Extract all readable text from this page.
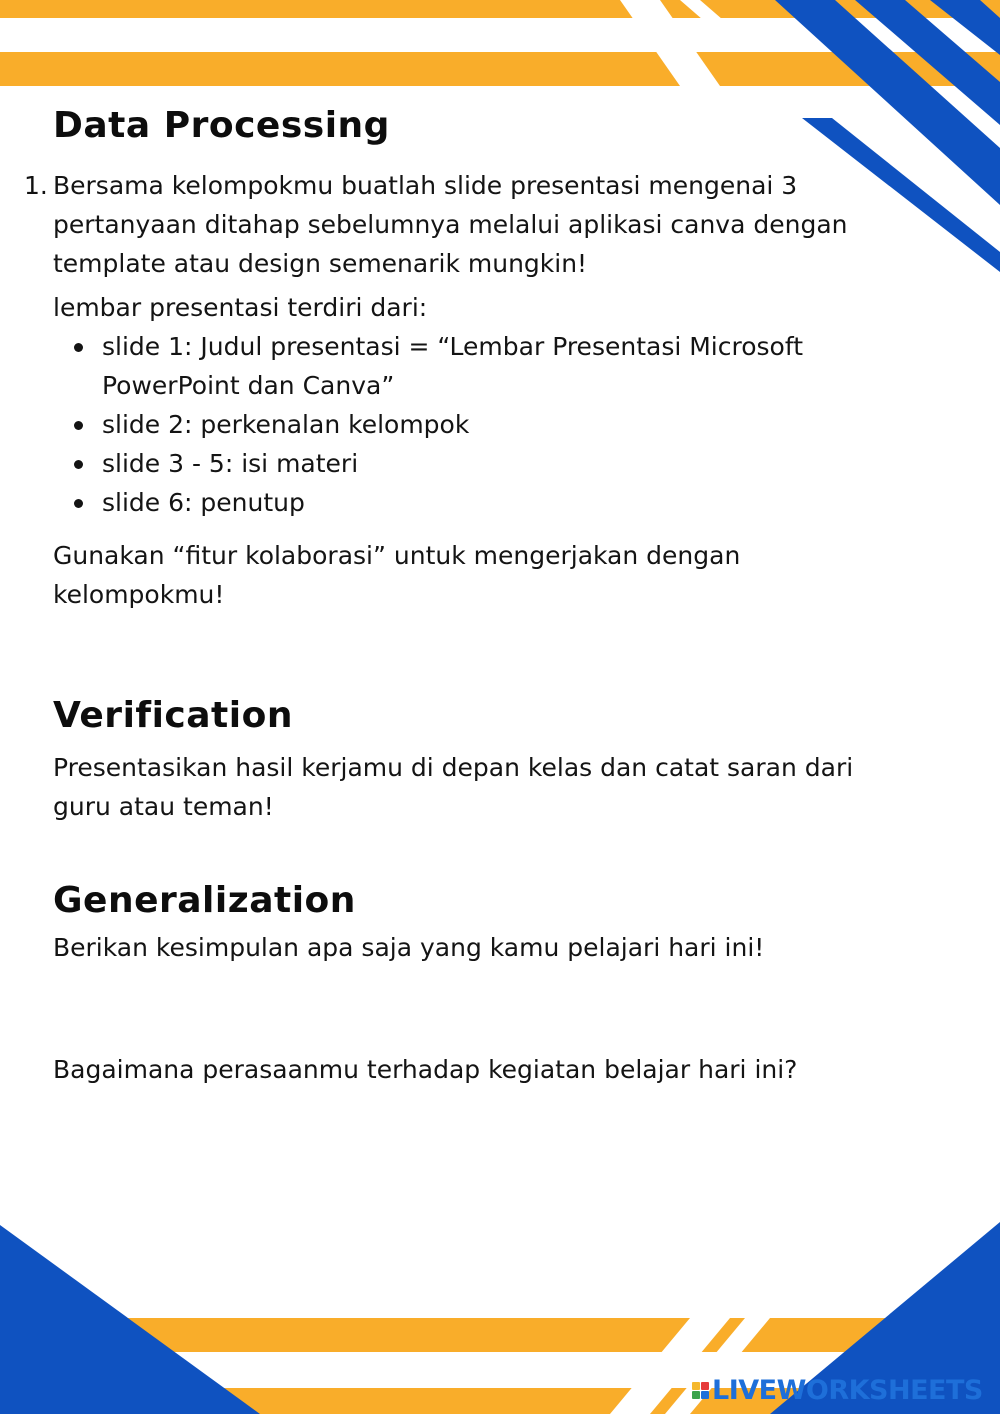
Data Processing
1. Bersama kelompokmu buatlah slide presentasi mengenai 3

pertanyaan ditahap sebelumnya melalui aplikasi canva dengan

template atau design semenarik mungkin!

lembar presentasi terdiri dari:

slide 1: Judul presentasi = “Lembar Presentasi Microsoft
PowerPoint dan Canva”
slide 2: perkenalan kelompok
slide 3 - 5: isi materi
slide 6: penutup

Gunakan “fitur kolaborasi” untuk mengerjakan dengan

kelompokmu!

Verification

Presentasikan hasil kerjamu di depan kelas dan catat saran dari

guru atau teman!

Generalization

Berikan kesimpulan apa saja yang kamu pelajari hari ini!

Bagaimana perasaanmu terhadap kegiatan belajar hari ini?

LIVEWORKSHEETS
